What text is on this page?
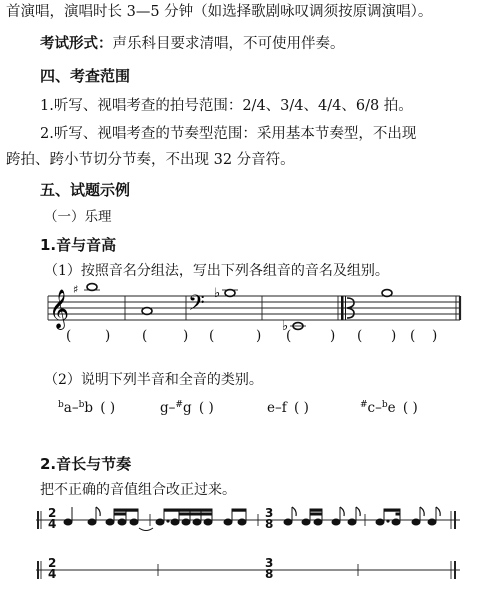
首演唱，演唱时长 3—5 分钟（如选择歌剧咏叹调须按原调演唱）。
考试形式：声乐科目要求清唱，不可使用伴奏。
四、考查范围
1.听写、视唱考查的拍号范围：2/4、3/4、4/4、6/8 拍。
2.听写、视唱考查的节奏型范围：采用基本节奏型，不出现
跨拍、跨小节切分节奏，不出现 32 分音符。
五、试题示例
（一）乐理
1.音与音高
（1）按照音名分组法，写出下列各组音的音名及组别。
𝄞 ♯
𝄢 ♭
♭
2
4
3
8
2
4
3
8
( ) (	) (	) (	) ( ) ( )
（2）说明下列半音和全音的类别。
$^b$a–$^b$b ( )	g–#g ( )	e–f ( )	#c–$^b$e ( )
2.音长与节奏
把不正确的音值组合改正过来。
